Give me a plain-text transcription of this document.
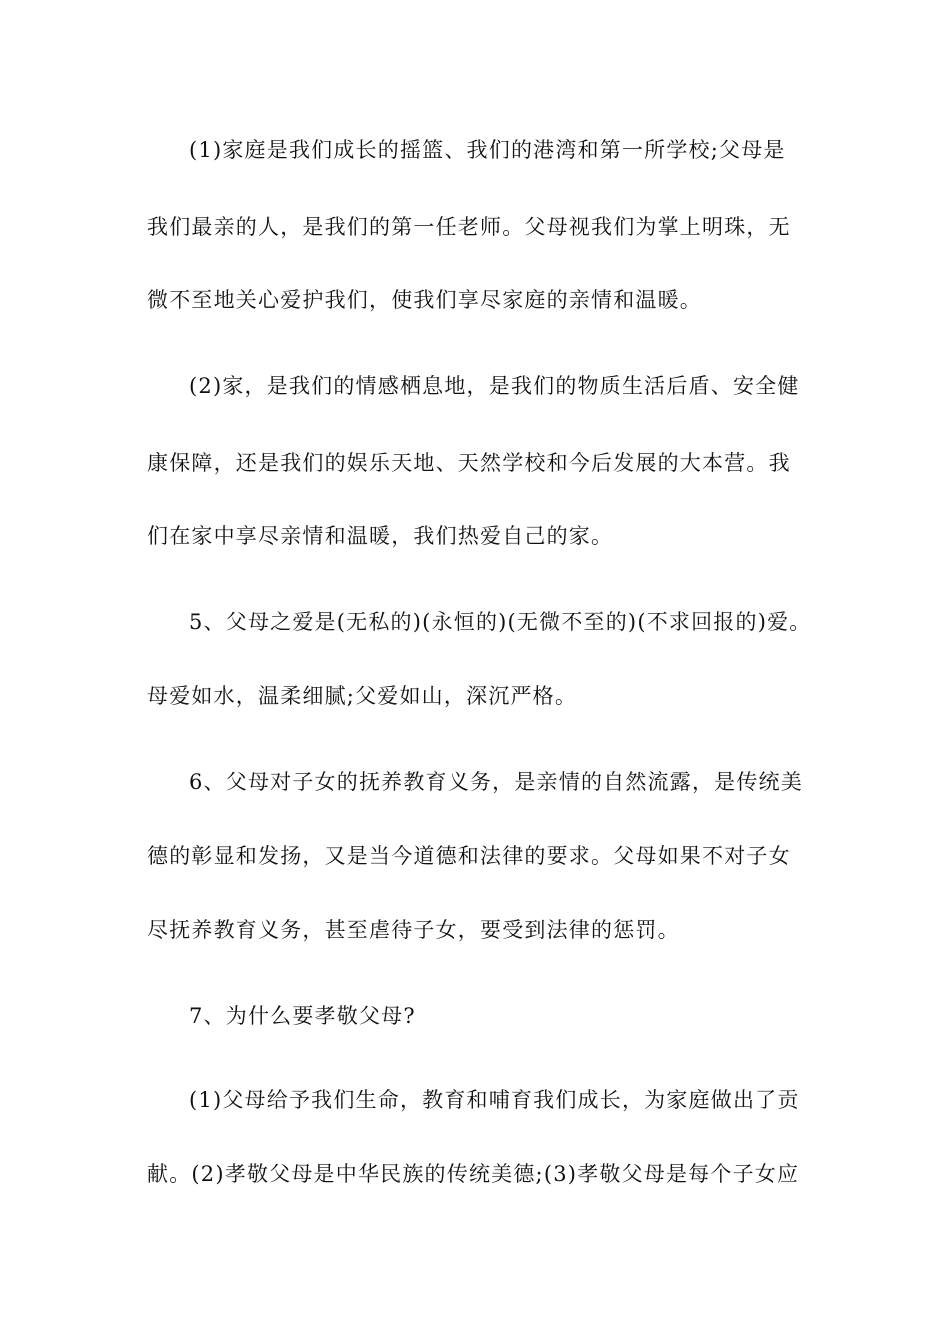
(1)家庭是我们成长的摇篮、我们的港湾和第一所学校;父母是
我们最亲的人，是我们的第一任老师。父母视我们为掌上明珠，无
微不至地关心爱护我们，使我们享尽家庭的亲情和温暖。
(2)家，是我们的情感栖息地，是我们的物质生活后盾、安全健
康保障，还是我们的娱乐天地、天然学校和今后发展的大本营。我
们在家中享尽亲情和温暖，我们热爱自己的家。
5、父母之爱是(无私的)(永恒的)(无微不至的)(不求回报的)爱。
母爱如水，温柔细腻;父爱如山，深沉严格。
6、父母对子女的抚养教育义务，是亲情的自然流露，是传统美
德的彰显和发扬，又是当今道德和法律的要求。父母如果不对子女
尽抚养教育义务，甚至虐待子女，要受到法律的惩罚。
7、为什么要孝敬父母?
(1)父母给予我们生命，教育和哺育我们成长，为家庭做出了贡
献。(2)孝敬父母是中华民族的传统美德;(3)孝敬父母是每个子女应
